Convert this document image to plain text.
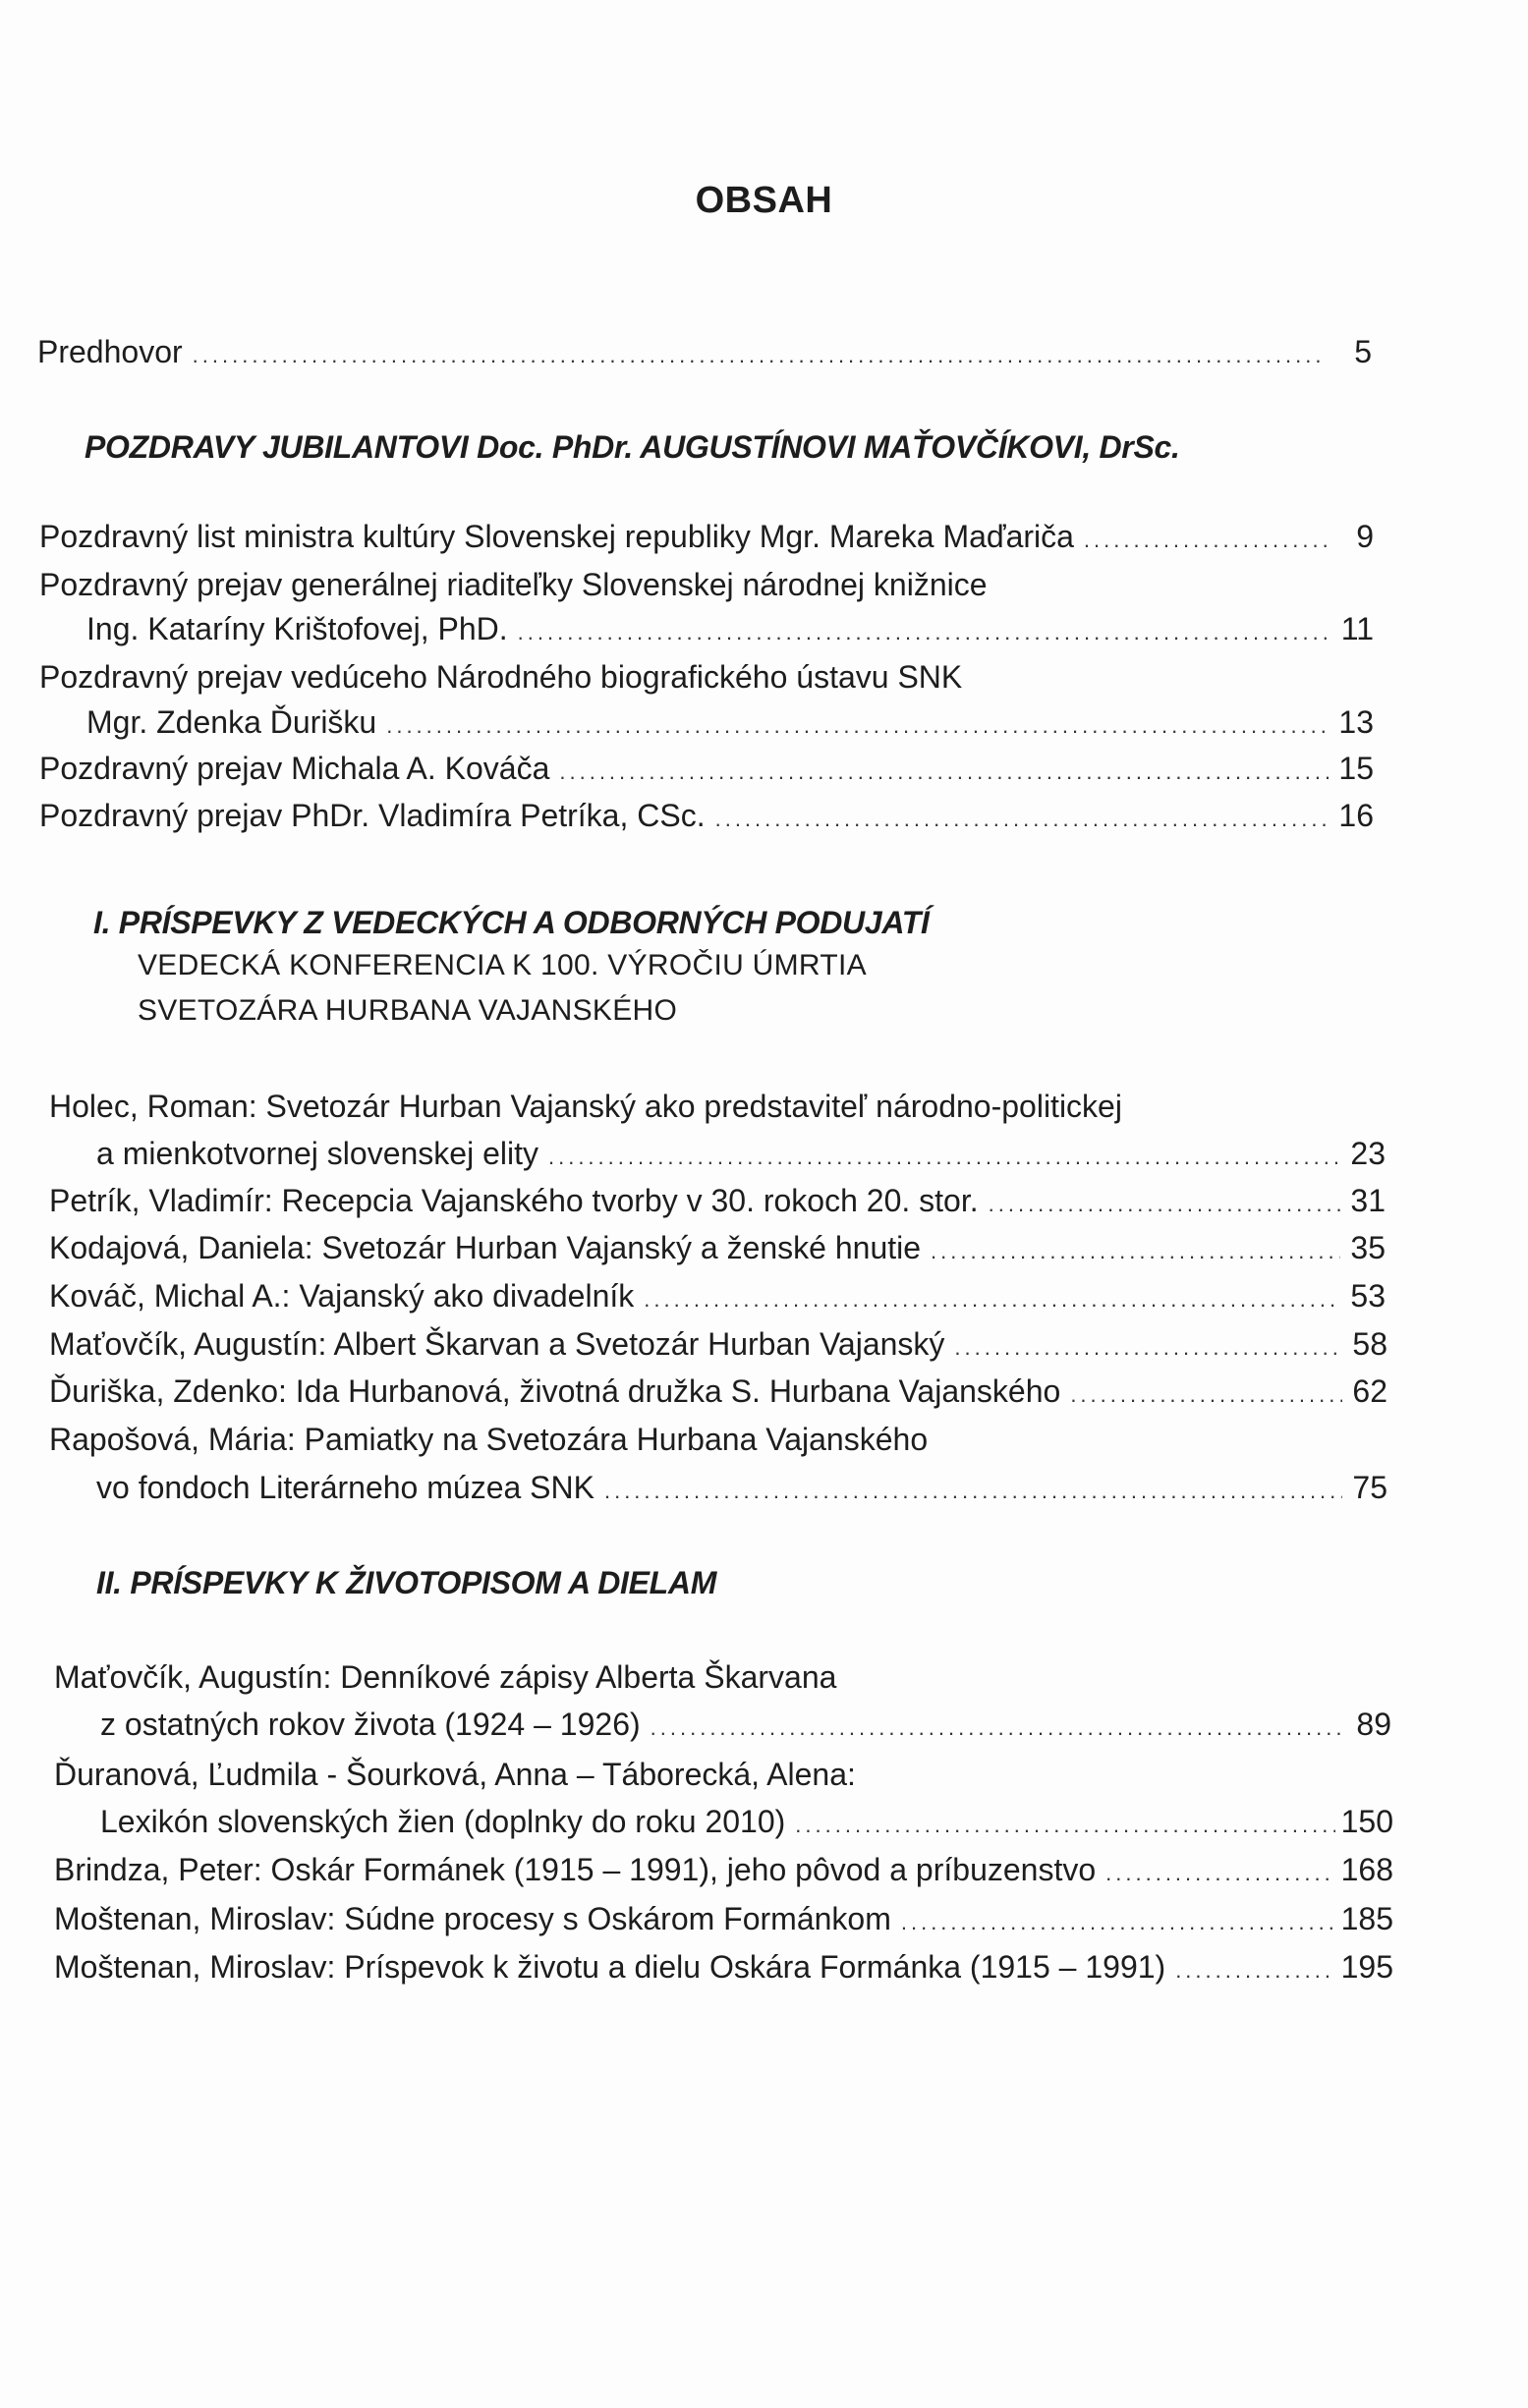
OBSAH
Predhovor .....	5
POZDRAVY JUBILANTOVI Doc. PhDr. AUGUSTÍNOVI MAŤOVČÍKOVI, DrSc.
Pozdravný list ministra kultúry Slovenskej republiky Mgr. Mareka Maďariča .....	9
Pozdravný prejav generálnej riaditeľky Slovenskej národnej knižnice
Ing. Kataríny Krištofovej, PhD. .....	11
Pozdravný prejav vedúceho Národného biografického ústavu SNK
Mgr. Zdenka Ďurišku .....	13
Pozdravný prejav Michala A. Kováča .....	15
Pozdravný prejav PhDr. Vladimíra Petríka, CSc. .....	16
I. PRÍSPEVKY Z VEDECKÝCH A ODBORNÝCH PODUJATÍ
VEDECKÁ KONFERENCIA K 100. VÝROČIU ÚMRTIA
SVETOZÁRA HURBANA VAJANSKÉHO
Holec, Roman: Svetozár Hurban Vajanský ako predstaviteľ národno-politickej
a mienkotvornej slovenskej elity .....	23
Petrík, Vladimír: Recepcia Vajanského tvorby v 30. rokoch 20. stor. .....	31
Kodajová, Daniela: Svetozár Hurban Vajanský a ženské hnutie .....	35
Kováč, Michal A.: Vajanský ako divadelník .....	53
Maťovčík, Augustín: Albert Škarvan a Svetozár Hurban Vajanský .....	58
Ďuriška, Zdenko: Ida Hurbanová, životná družka S. Hurbana Vajanského .....	62
Rapošová, Mária: Pamiatky na Svetozára Hurbana Vajanského
vo fondoch Literárneho múzea SNK .....	75
II. PRÍSPEVKY K ŽIVOTOPISOM A DIELAM
Maťovčík, Augustín: Denníkové zápisy Alberta Škarvana
z ostatných rokov života (1924 – 1926) .....	89
Ďuranová, Ľudmila - Šourková, Anna – Táborecká, Alena:
Lexikón slovenských žien (doplnky do roku 2010) .....	150
Brindza, Peter: Oskár Formánek (1915 – 1991), jeho pôvod a príbuzenstvo .....	168
Moštenan, Miroslav: Súdne procesy s Oskárom Formánkom .....	185
Moštenan, Miroslav: Príspevok k životu a dielu Oskára Formánka (1915 – 1991) .....	195
